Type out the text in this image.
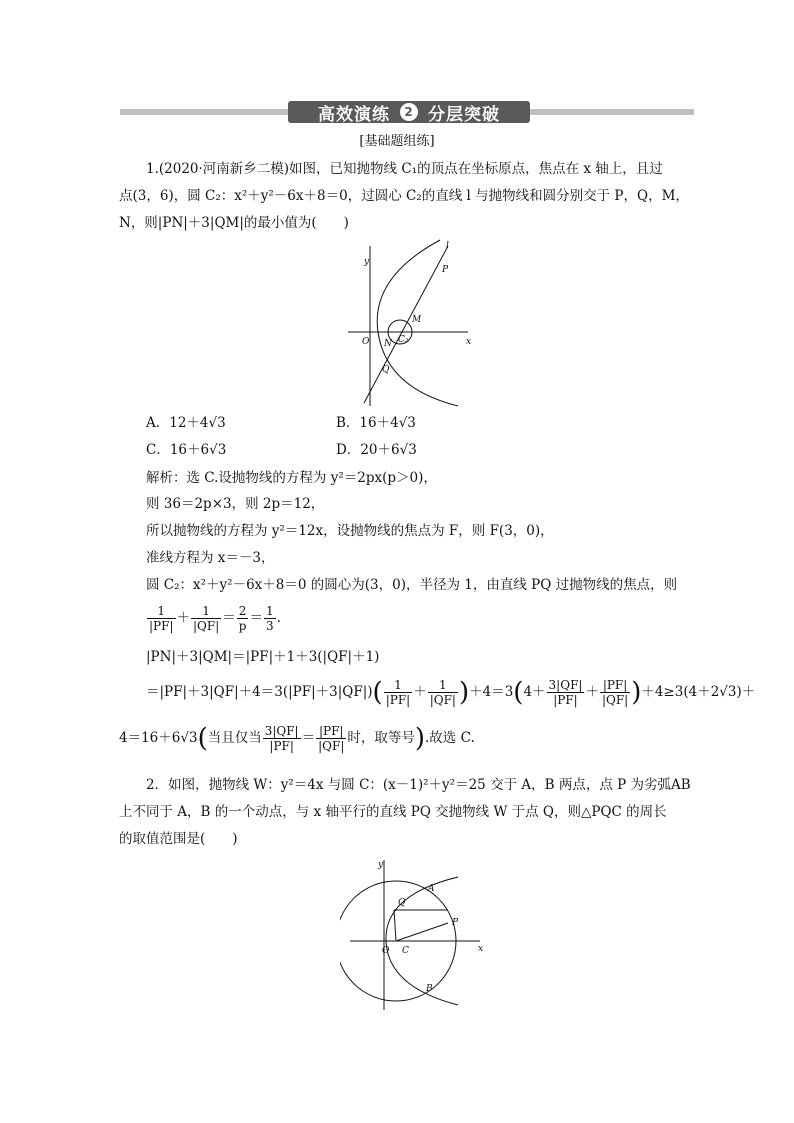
高效演练	2 分层突破
[基础题组练]
1.(2020·河南新乡二模)如图，已知抛物线 C₁的顶点在坐标原点，焦点在 x 轴上，且过
点(3，6)，圆 C₂：x²＋y²－6x＋8＝0，过圆心 C₂的直线 l 与抛物线和圆分别交于 P，Q，M，
N，则|PN|＋3|QM|的最小值为(　　)
y
x
l
P
M
O N C₂
Q
A．12＋4√3	B．16＋4√3
C．16＋6√3	D．20＋6√3
解析：选 C.设抛物线的方程为 y²＝2px(p＞0)，
则 36＝2p×3，则 2p＝12，
所以抛物线的方程为 y²＝12x，设抛物线的焦点为 F，则 F(3，0)，
准线方程为 x＝－3，
圆 C₂：x²＋y²－6x＋8＝0 的圆心为(3，0)，半径为 1，由直线 PQ 过抛物线的焦点，则
$\frac{1}{|PF|} + \frac{1}{|QF|} = \frac{2}{p} = \frac{1}{3}$ .
|PN|＋3|QM|＝|PF|＋1＋3(|QF|＋1)
$=|PF|+3|QF|+4=3(|PF|+3|QF|)( \frac{1}{|PF|} + \frac{1}{|QF|} )+4=3(4+ \frac{3|QF|}{|PF|} + \frac{|PF|}{|QF|} )+4\ge 3(4+2√3)+$
4＝16＋6√3(当且仅当 $\frac{3|QF|}{|PF|} = \frac{|PF|}{|QF|}$ 时，取等号).故选 C.
2．如图，抛物线 W：y²＝4x 与圆 C：(x－1)²＋y²＝25 交于 A，B 两点，点 P 为劣弧AB
上不同于 A，B 的一个动点，与 x 轴平行的直线 PQ 交抛物线 W 于点 Q，则△PQC 的周长
的取值范围是(　　)
y
x
A
Q
P
O C
B
